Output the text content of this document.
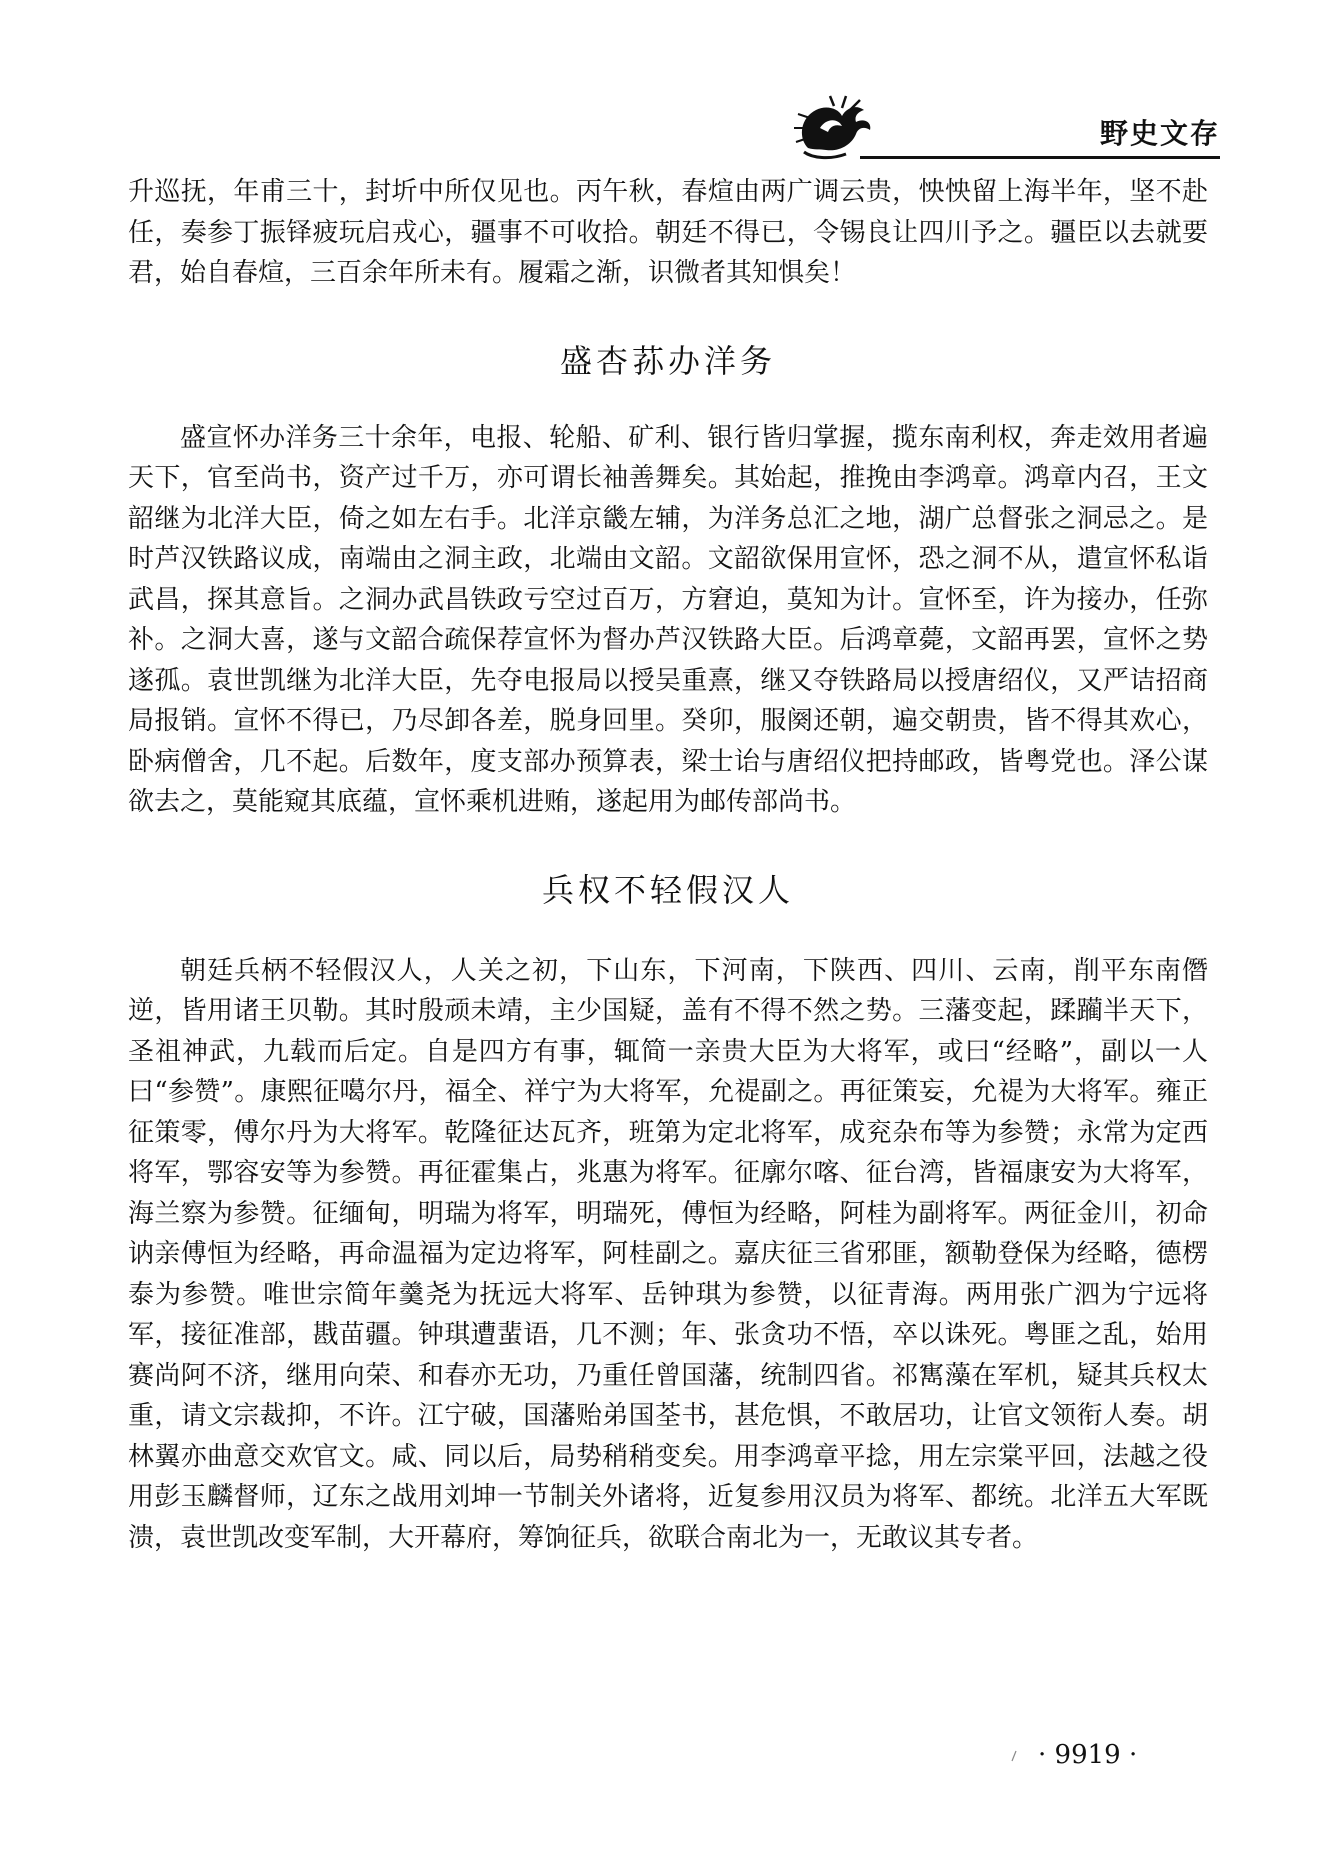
野史文存

升巡抚，年甫三十，封圻中所仅见也。丙午秋，春煊由两广调云贵，怏怏留上海半年，坚不赴任，奏参丁振铎疲玩启戎心，疆事不可收拾。朝廷不得已，令锡良让四川予之。疆臣以去就要君，始自春煊，三百余年所未有。履霜之渐，识微者其知惧矣！

盛杏荪办洋务

盛宣怀办洋务三十余年，电报、轮船、矿利、银行皆归掌握，揽东南利权，奔走效用者遍天下，官至尚书，资产过千万，亦可谓长袖善舞矣。其始起，推挽由李鸿章。鸿章内召，王文韶继为北洋大臣，倚之如左右手。北洋京畿左辅，为洋务总汇之地，湖广总督张之洞忌之。是时芦汉铁路议成，南端由之洞主政，北端由文韶。文韶欲保用宣怀，恐之洞不从，遣宣怀私诣武昌，探其意旨。之洞办武昌铁政亏空过百万，方窘迫，莫知为计。宣怀至，许为接办，任弥补。之洞大喜，遂与文韶合疏保荐宣怀为督办芦汉铁路大臣。后鸿章薨，文韶再罢，宣怀之势遂孤。袁世凯继为北洋大臣，先夺电报局以授吴重熹，继又夺铁路局以授唐绍仪，又严诘招商局报销。宣怀不得已，乃尽卸各差，脱身回里。癸卯，服阕还朝，遍交朝贵，皆不得其欢心，卧病僧舍，几不起。后数年，度支部办预算表，梁士诒与唐绍仪把持邮政，皆粤党也。泽公谋欲去之，莫能窥其底蕴，宣怀乘机进贿，遂起用为邮传部尚书。

兵权不轻假汉人

朝廷兵柄不轻假汉人，人关之初，下山东，下河南，下陕西、四川、云南，削平东南僭逆，皆用诸王贝勒。其时殷顽未靖，主少国疑，盖有不得不然之势。三藩变起，蹂躏半天下，圣祖神武，九载而后定。自是四方有事，辄简一亲贵大臣为大将军，或曰“经略”，副以一人曰“参赞”。康熙征噶尔丹，福全、祥宁为大将军，允禔副之。再征策妄，允禔为大将军。雍正征策零，傅尔丹为大将军。乾隆征达瓦齐，班第为定北将军，成兖杂布等为参赞；永常为定西将军，鄂容安等为参赞。再征霍集占，兆惠为将军。征廓尔喀、征台湾，皆福康安为大将军，海兰察为参赞。征缅甸，明瑞为将军，明瑞死，傅恒为经略，阿桂为副将军。两征金川，初命讷亲傅恒为经略，再命温福为定边将军，阿桂副之。嘉庆征三省邪匪，额勒登保为经略，德楞泰为参赞。唯世宗简年羹尧为抚远大将军、岳钟琪为参赞，以征青海。两用张广泗为宁远将军，接征准部，戡苗疆。钟琪遭蜚语，几不测；年、张贪功不悟，卒以诛死。粤匪之乱，始用赛尚阿不济，继用向荣、和春亦无功，乃重任曾国藩，统制四省。祁寯藻在军机，疑其兵权太重，请文宗裁抑，不许。江宁破，国藩贻弟国荃书，甚危惧，不敢居功，让官文领衔人奏。胡林翼亦曲意交欢官文。咸、同以后，局势稍稍变矣。用李鸿章平捻，用左宗棠平回，法越之役用彭玉麟督师，辽东之战用刘坤一节制关外诸将，近复参用汉员为将军、都统。北洋五大军既溃，袁世凯改变军制，大开幕府，筹饷征兵，欲联合南北为一，无敢议其专者。

· 9919 ·
